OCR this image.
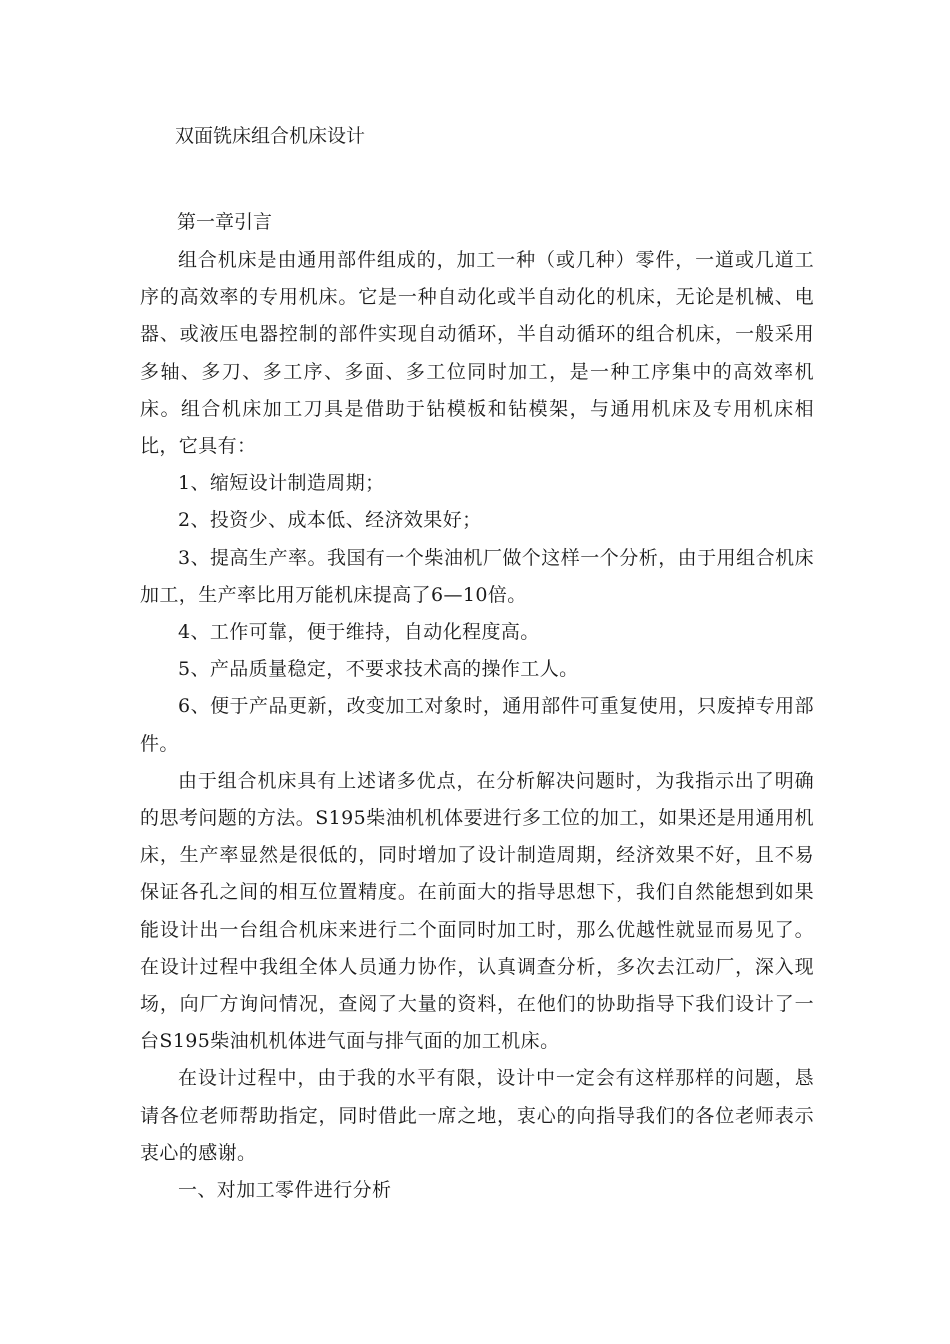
双面铣床组合机床设计
第一章引言

组合机床是由通用部件组成的，加工一种（或几种）零件，一道或几道工序的高效率的专用机床。它是一种自动化或半自动化的机床，无论是机械、电器、或液压电器控制的部件实现自动循环，半自动循环的组合机床，一般采用多轴、多刀、多工序、多面、多工位同时加工，是一种工序集中的高效率机床。组合机床加工刀具是借助于钻模板和钻模架，与通用机床及专用机床相比，它具有：

1、缩短设计制造周期；

2、投资少、成本低、经济效果好；

3、提高生产率。我国有一个柴油机厂做个这样一个分析，由于用组合机床加工，生产率比用万能机床提高了6—10倍。

4、工作可靠，便于维持，自动化程度高。

5、产品质量稳定，不要求技术高的操作工人。

6、便于产品更新，改变加工对象时，通用部件可重复使用，只废掉专用部件。

由于组合机床具有上述诸多优点，在分析解决问题时，为我指示出了明确的思考问题的方法。S195柴油机机体要进行多工位的加工，如果还是用通用机床，生产率显然是很低的，同时增加了设计制造周期，经济效果不好，且不易保证各孔之间的相互位置精度。在前面大的指导思想下，我们自然能想到如果能设计出一台组合机床来进行二个面同时加工时，那么优越性就显而易见了。在设计过程中我组全体人员通力协作，认真调查分析，多次去江动厂，深入现场，向厂方询问情况，查阅了大量的资料，在他们的协助指导下我们设计了一台S195柴油机机体进气面与排气面的加工机床。

在设计过程中，由于我的水平有限，设计中一定会有这样那样的问题，恳请各位老师帮助指定，同时借此一席之地，衷心的向指导我们的各位老师表示衷心的感谢。

一、对加工零件进行分析
